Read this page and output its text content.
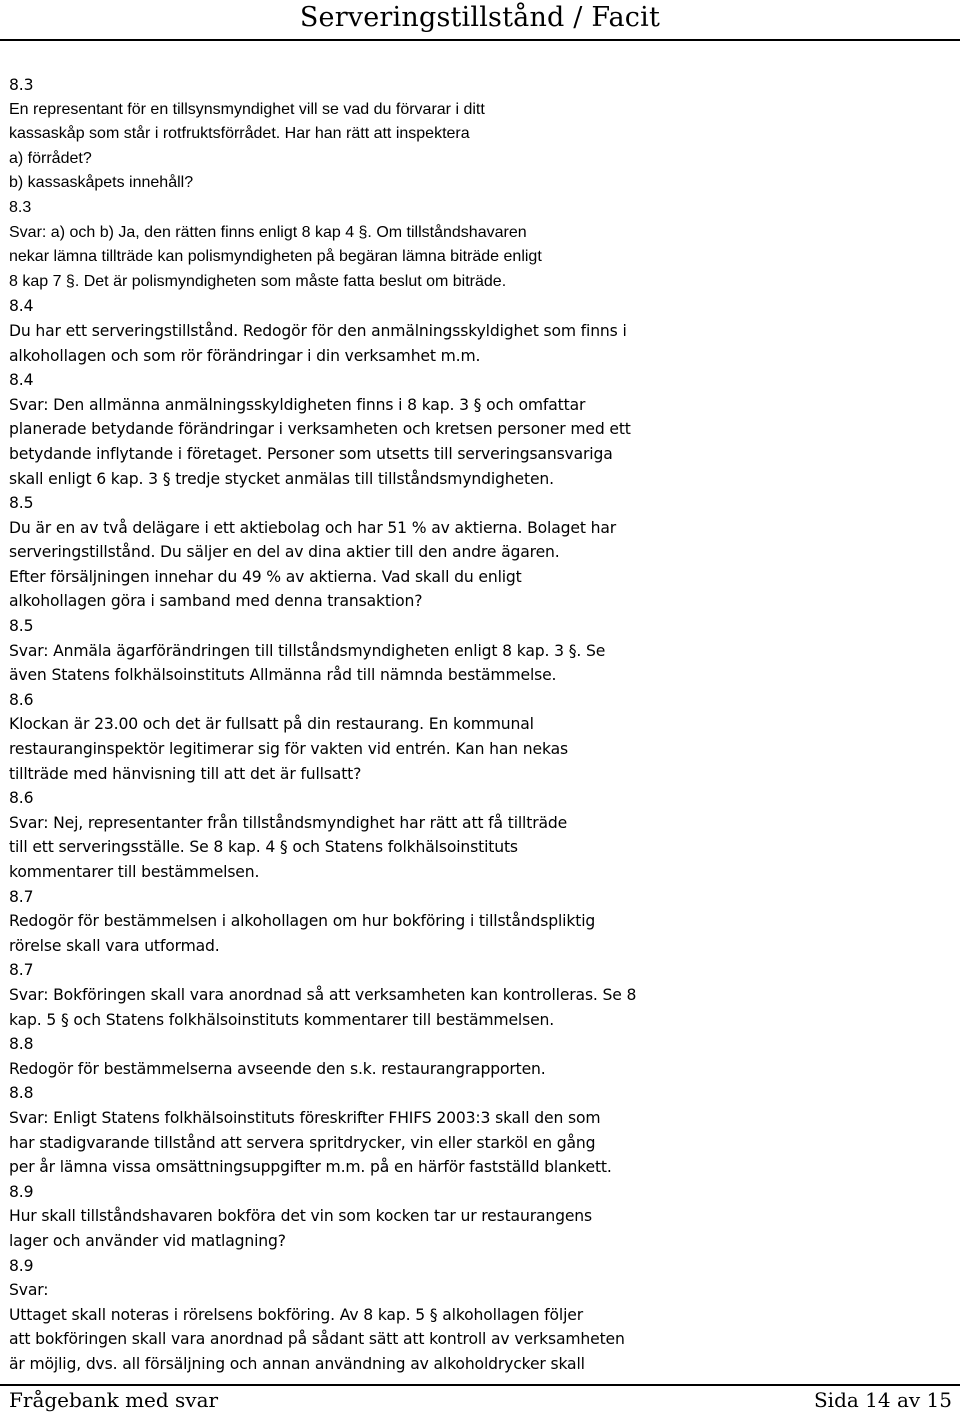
Serveringstillstånd / Facit
8.3
En representant för en tillsynsmyndighet vill se vad du förvarar i ditt
kassaskåp som står i rotfruktsförrådet. Har han rätt att inspektera
a) förrådet?
b) kassaskåpets innehåll?
8.3
Svar: a) och b) Ja, den rätten finns enligt 8 kap 4 §. Om tillståndshavaren
nekar lämna tillträde kan polismyndigheten på begäran lämna biträde enligt
8 kap 7 §. Det är polismyndigheten som måste fatta beslut om biträde.
8.4
Du har ett serveringstillstånd. Redogör för den anmälningsskyldighet som finns i
alkohollagen och som rör förändringar i din verksamhet m.m.
8.4
Svar: Den allmänna anmälningsskyldigheten finns i 8 kap. 3 § och omfattar
planerade betydande förändringar i verksamheten och kretsen personer med ett
betydande inflytande i företaget. Personer som utsetts till serveringsansvariga
skall enligt 6 kap. 3 § tredje stycket anmälas till tillståndsmyndigheten.
8.5
Du är en av två delägare i ett aktiebolag och har 51 % av aktierna. Bolaget har
serveringstillstånd. Du säljer en del av dina aktier till den andre ägaren.
Efter försäljningen innehar du 49 % av aktierna. Vad skall du enligt
alkohollagen göra i samband med denna transaktion?
8.5
Svar: Anmäla ägarförändringen till tillståndsmyndigheten enligt 8 kap. 3 §. Se
även Statens folkhälsoinstituts Allmänna råd till nämnda bestämmelse.
8.6
Klockan är 23.00 och det är fullsatt på din restaurang. En kommunal
restauranginspektör legitimerar sig för vakten vid entrén. Kan han nekas
tillträde med hänvisning till att det är fullsatt?
8.6
Svar: Nej, representanter från tillståndsmyndighet har rätt att få tillträde
till ett serveringsställe. Se 8 kap. 4 § och Statens folkhälsoinstituts
kommentarer till bestämmelsen.
8.7
Redogör för bestämmelsen i alkohollagen om hur bokföring i tillståndspliktig
rörelse skall vara utformad.
8.7
Svar: Bokföringen skall vara anordnad så att verksamheten kan kontrolleras. Se 8
kap. 5 § och Statens folkhälsoinstituts kommentarer till bestämmelsen.
8.8
Redogör för bestämmelserna avseende den s.k. restaurangrapporten.
8.8
Svar: Enligt Statens folkhälsoinstituts föreskrifter FHIFS 2003:3 skall den som
har stadigvarande tillstånd att servera spritdrycker, vin eller starköl en gång
per år lämna vissa omsättningsuppgifter m.m. på en härför fastställd blankett.
8.9
Hur skall tillståndshavaren bokföra det vin som kocken tar ur restaurangens
lager och använder vid matlagning?
8.9
Svar:
Uttaget skall noteras i rörelsens bokföring. Av 8 kap. 5 § alkohollagen följer
att bokföringen skall vara anordnad på sådant sätt att kontroll av verksamheten
är möjlig, dvs. all försäljning och annan användning av alkoholdrycker skall
Frågebank med svar	Sida 14 av 15
